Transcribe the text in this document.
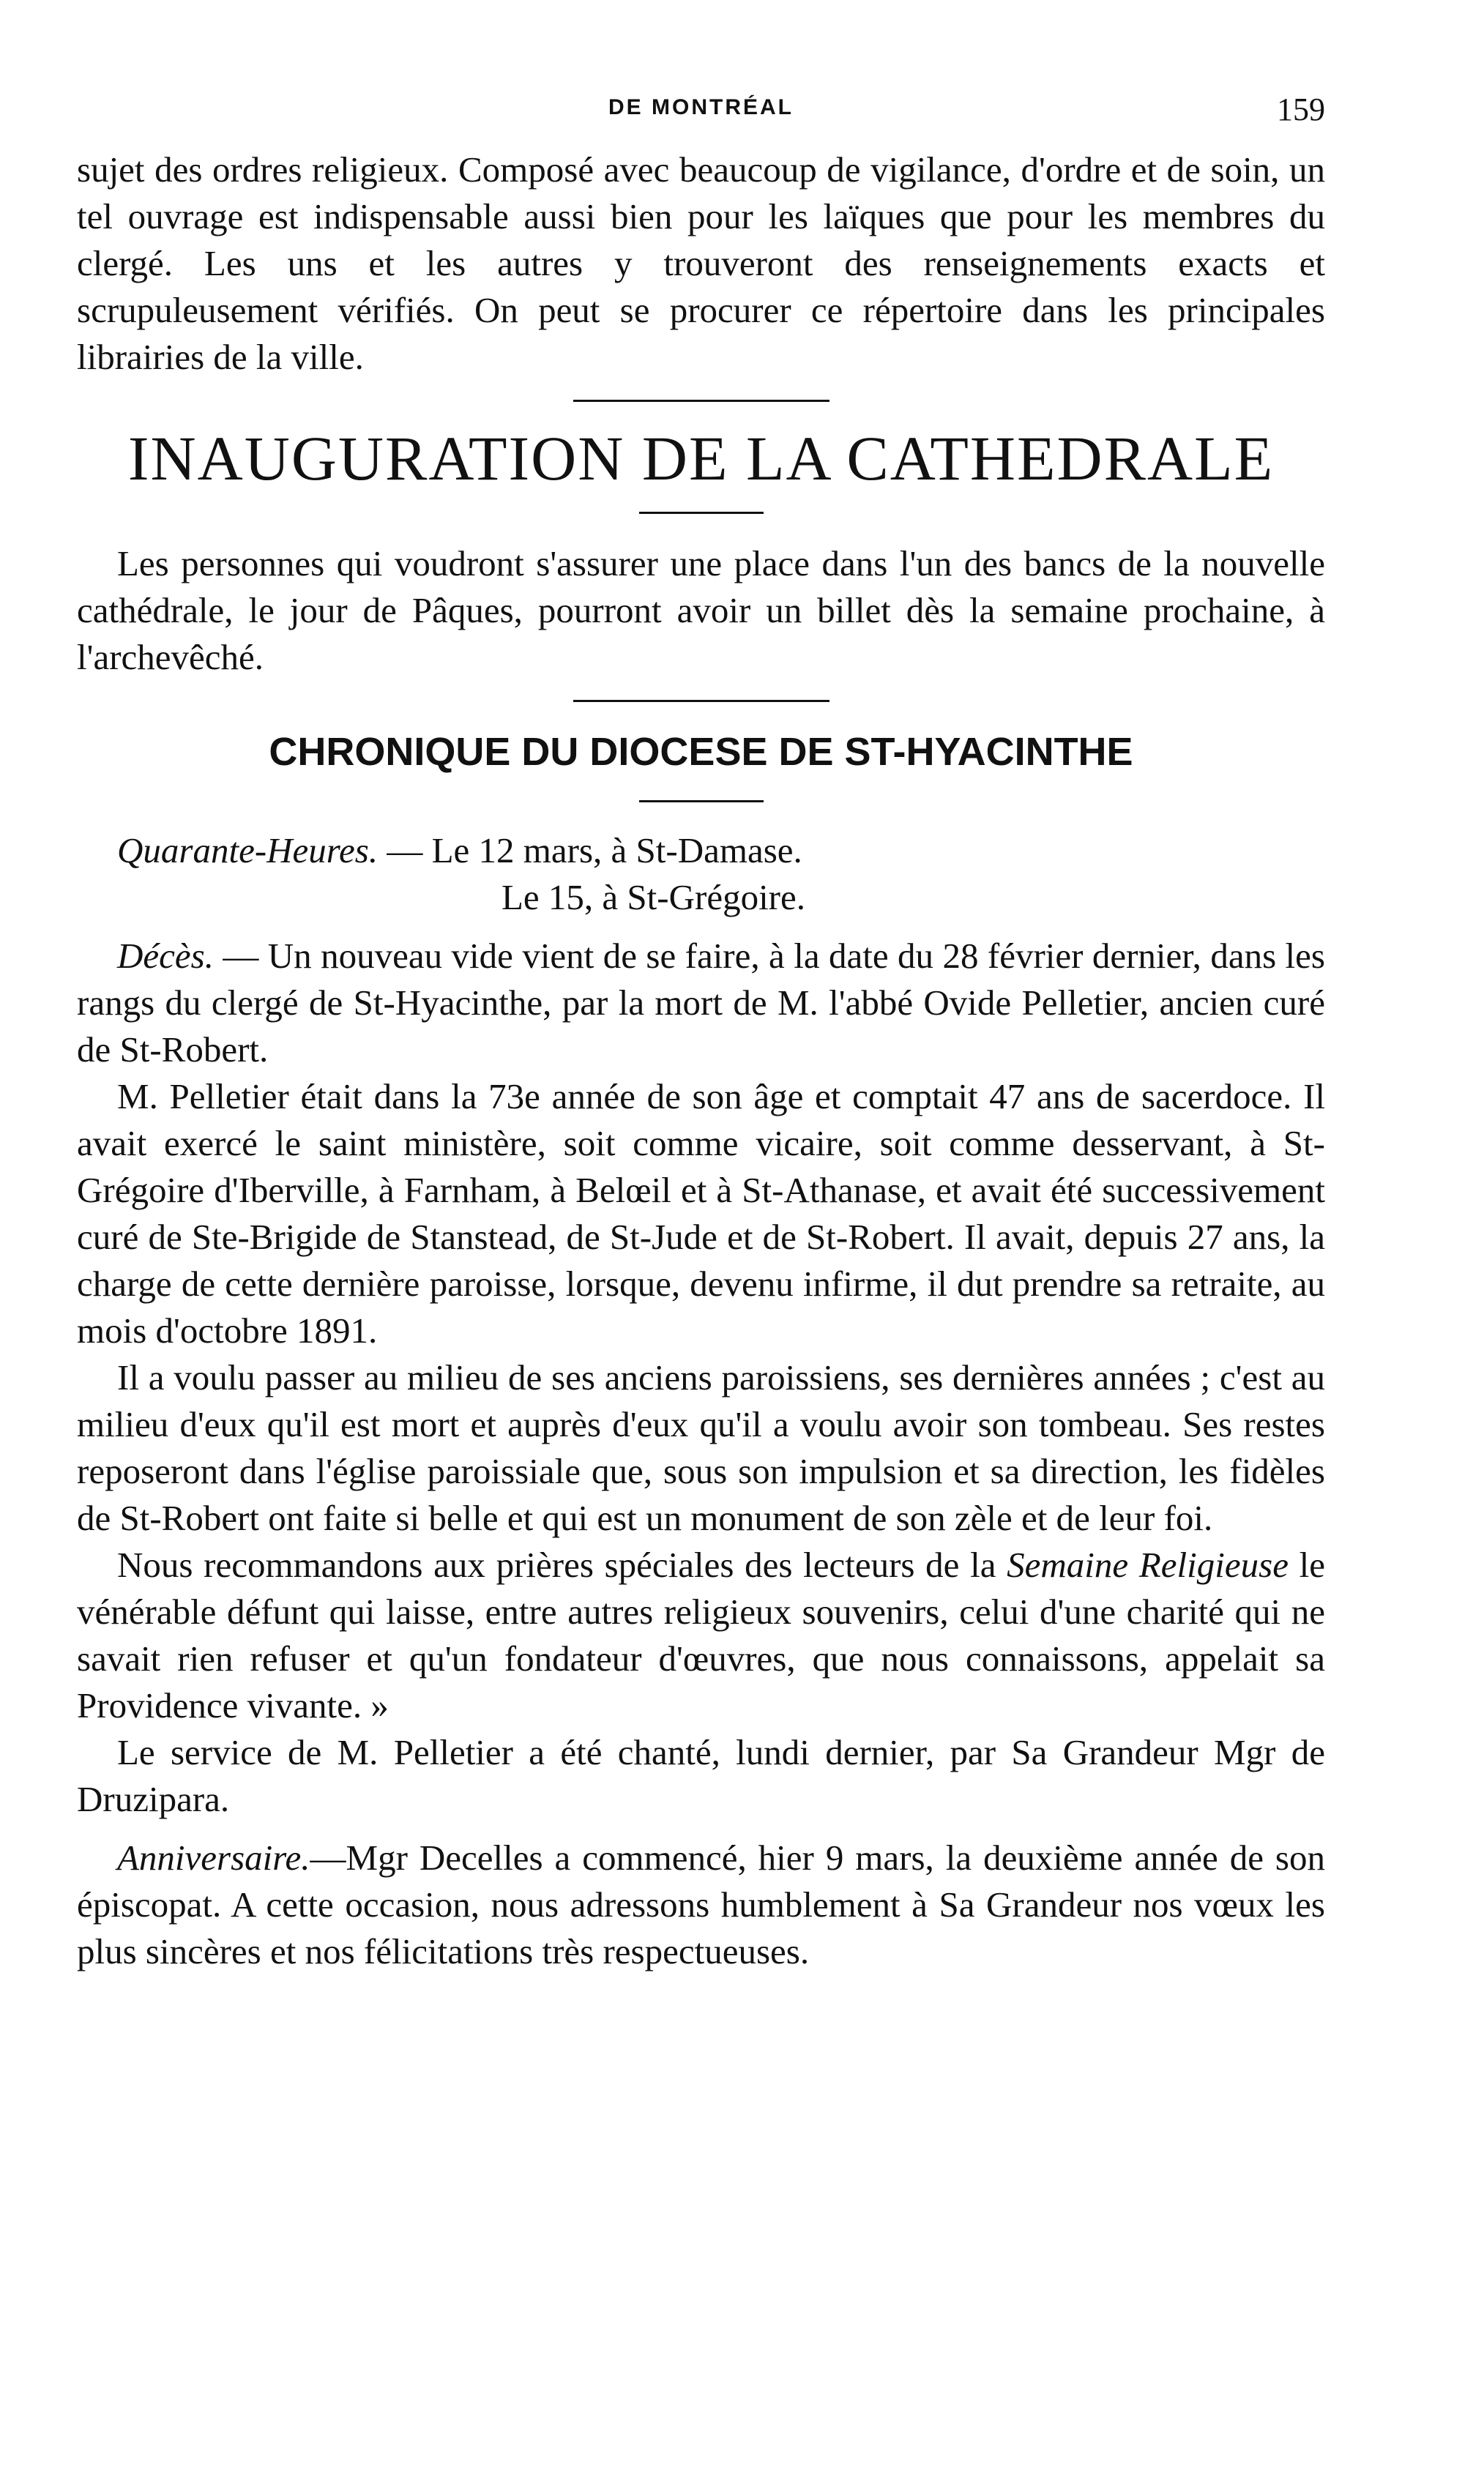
DE MONTRÉAL	159

sujet des ordres religieux. Composé avec beaucoup de vigilance, d'ordre et de soin, un tel ouvrage est indispensable aussi bien pour les laïques que pour les membres du clergé. Les uns et les autres y trouveront des renseignements exacts et scrupuleusement vérifiés. On peut se procurer ce répertoire dans les principales librairies de la ville.

INAUGURATION DE LA CATHEDRALE

Les personnes qui voudront s'assurer une place dans l'un des bancs de la nouvelle cathédrale, le jour de Pâques, pourront avoir un billet dès la semaine prochaine, à l'archevêché.

CHRONIQUE DU DIOCESE DE ST-HYACINTHE

Quarante-Heures. — Le 12 mars, à St-Damase.

Le 15, à St-Grégoire.

Décès. — Un nouveau vide vient de se faire, à la date du 28 février dernier, dans les rangs du clergé de St-Hyacinthe, par la mort de M. l'abbé Ovide Pelletier, ancien curé de St-Robert.

M. Pelletier était dans la 73e année de son âge et comptait 47 ans de sacerdoce. Il avait exercé le saint ministère, soit comme vicaire, soit comme desservant, à St-Grégoire d'Iberville, à Farnham, à Belœil et à St-Athanase, et avait été successivement curé de Ste-Brigide de Stanstead, de St-Jude et de St-Robert. Il avait, depuis 27 ans, la charge de cette dernière paroisse, lorsque, devenu infirme, il dut prendre sa retraite, au mois d'octobre 1891.

Il a voulu passer au milieu de ses anciens paroissiens, ses dernières années ; c'est au milieu d'eux qu'il est mort et auprès d'eux qu'il a voulu avoir son tombeau. Ses restes reposeront dans l'église paroissiale que, sous son impulsion et sa direction, les fidèles de St-Robert ont faite si belle et qui est un monument de son zèle et de leur foi.

Nous recommandons aux prières spéciales des lecteurs de la Semaine Religieuse le vénérable défunt qui laisse, entre autres religieux souvenirs, celui d'une charité qui ne savait rien refuser et qu'un fondateur d'œuvres, que nous connaissons, appelait sa Providence vivante. »

Le service de M. Pelletier a été chanté, lundi dernier, par Sa Grandeur Mgr de Druzipara.

Anniversaire.—Mgr Decelles a commencé, hier 9 mars, la deuxième année de son épiscopat. A cette occasion, nous adressons humblement à Sa Grandeur nos vœux les plus sincères et nos félicitations très respectueuses.
